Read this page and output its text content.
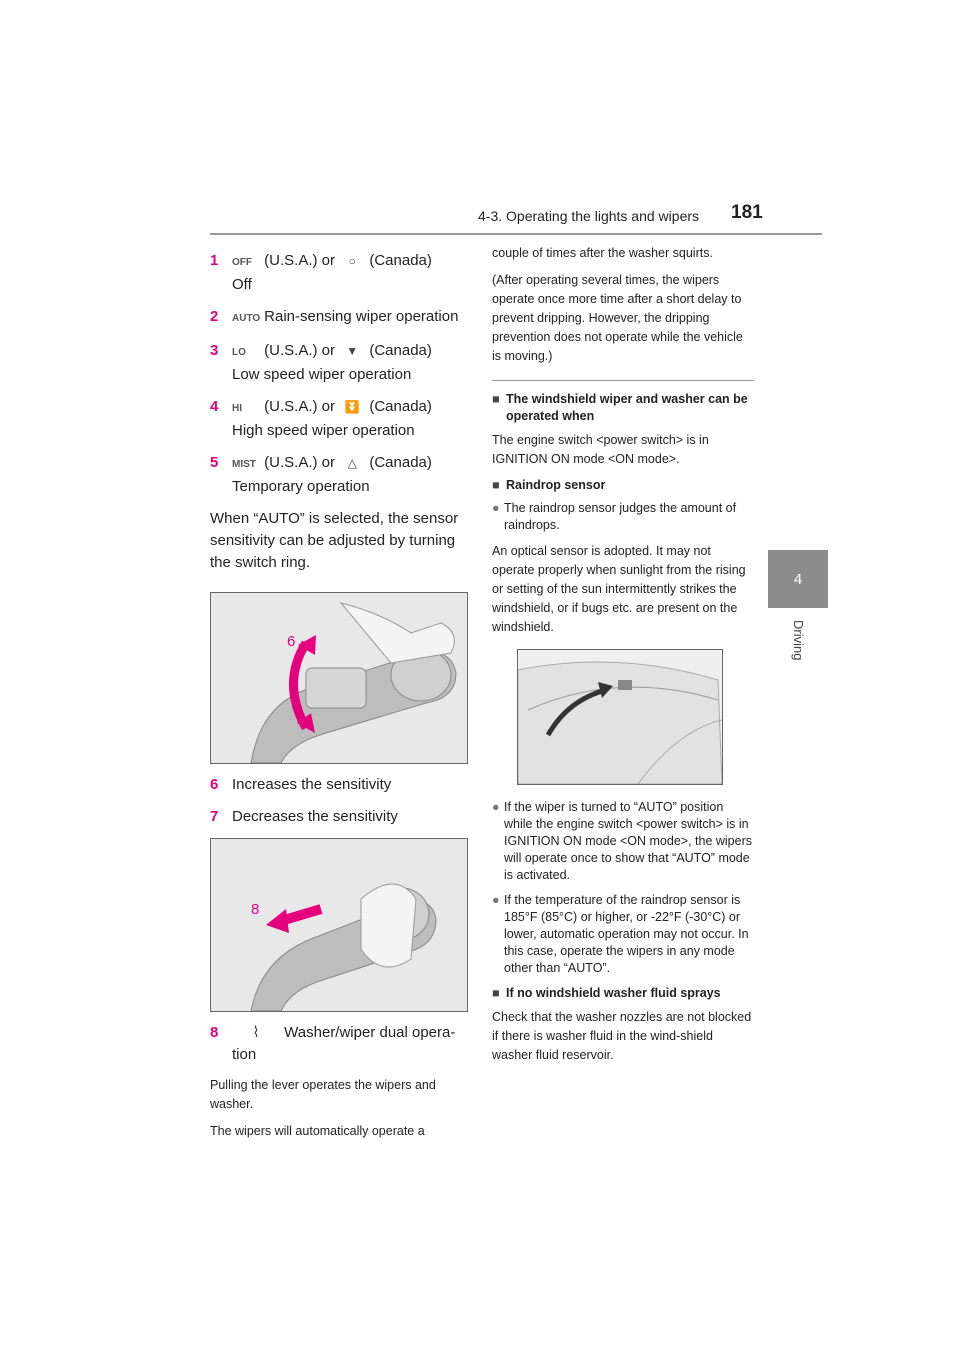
4-3. Operating the lights and wipers 181
4
Driving
1	OFF (U.S.A.) or ○ (Canada)
Off
2	AUTO Rain-sensing wiper operation
3	LO (U.S.A.) or ▼ (Canada)
Low speed wiper operation
4	HI (U.S.A.) or ⏬ (Canada)
High speed wiper operation
5	MIST (U.S.A.) or △ (Canada)
Temporary operation

When “AUTO” is selected, the sensor sensitivity can be adjusted by turning the switch ring.

6
7
6 Increases the sensitivity
7 Decreases the sensitivity
8
8	⌇ Washer/wiper dual opera- tion

Pulling the lever operates the wipers and washer.

The wipers will automatically operate a

couple of times after the washer squirts.

(After operating several times, the wipers operate once more time after a short delay to prevent dripping. However, the dripping prevention does not operate while the vehicle is moving.)

■ The windshield wiper and washer can be operated when

The engine switch <power switch> is in IGNITION ON mode <ON mode>.

■ Raindrop sensor
● The raindrop sensor judges the amount of raindrops.

An optical sensor is adopted. It may not operate properly when sunlight from the rising or setting of the sun intermittently strikes the windshield, or if bugs etc. are present on the windshield.

● If the wiper is turned to “AUTO” position while the engine switch <power switch> is in IGNITION ON mode <ON mode>, the wipers will operate once to show that “AUTO” mode is activated.
● If the temperature of the raindrop sensor is 185°F (85°C) or higher, or -22°F (-30°C) or lower, automatic operation may not occur. In this case, operate the wipers in any mode other than “AUTO”.
■ If no windshield washer fluid sprays

Check that the washer nozzles are not blocked if there is washer fluid in the wind-shield washer fluid reservoir.
